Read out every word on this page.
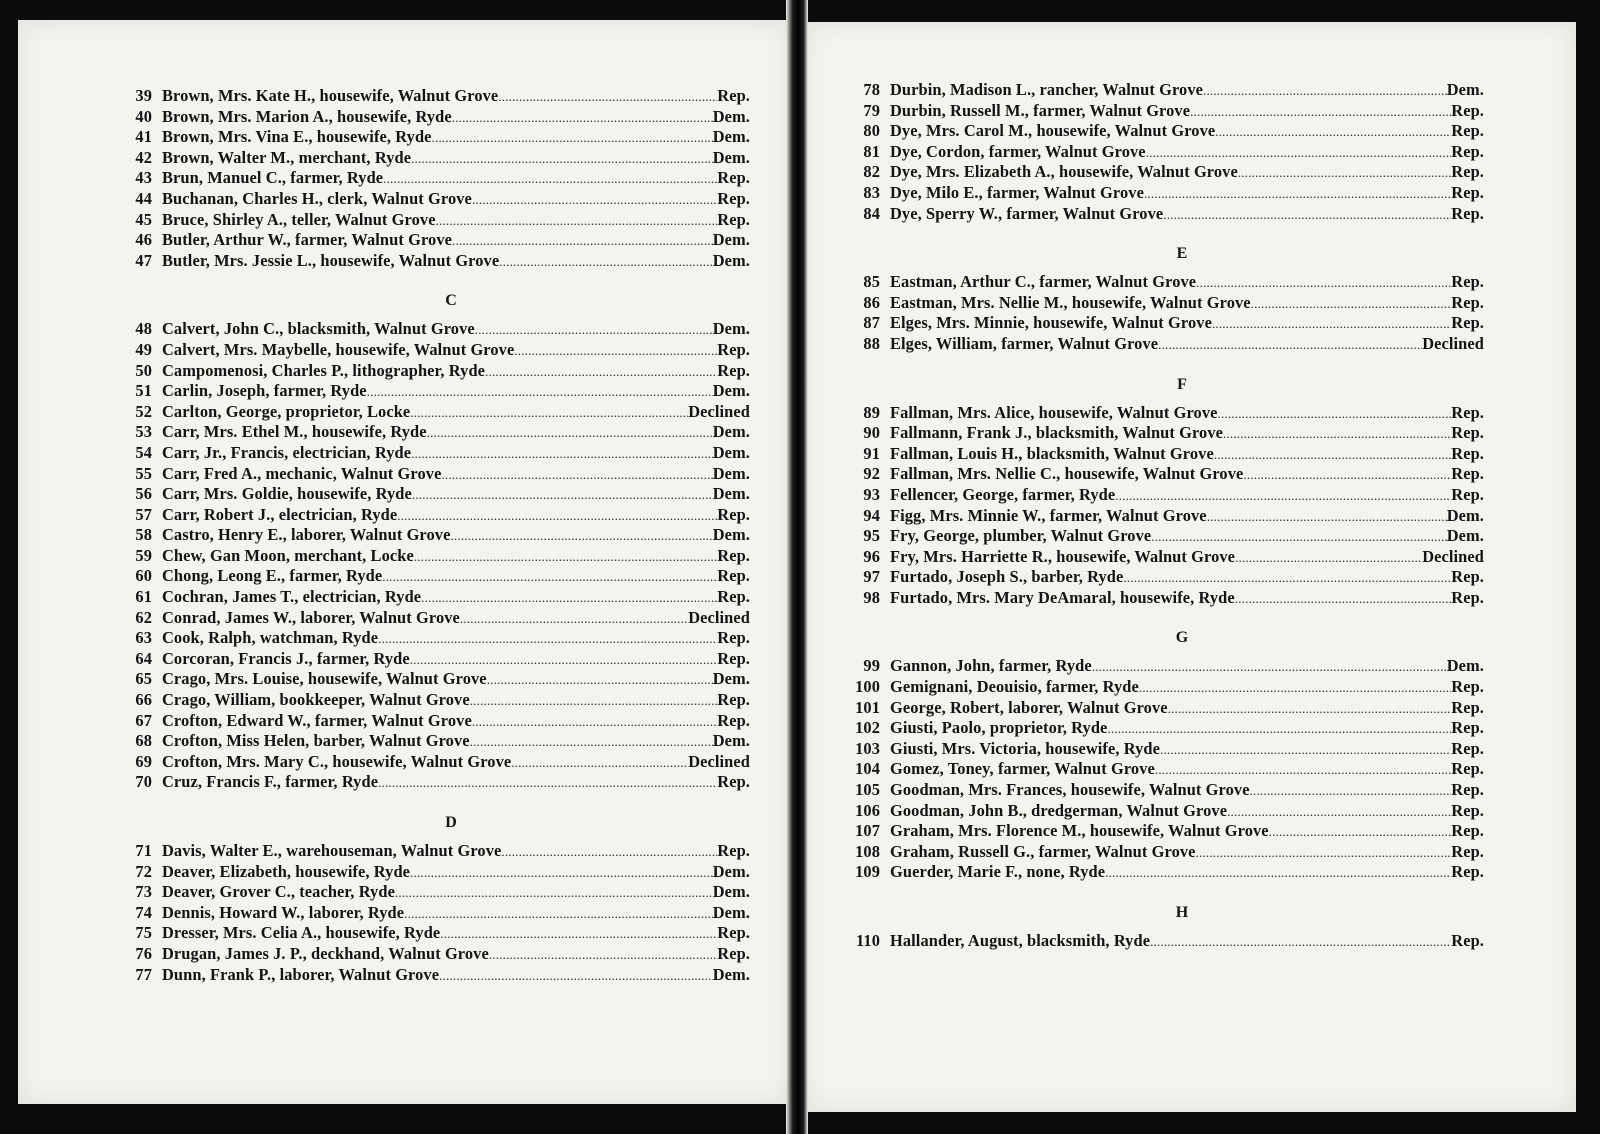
39 Brown, Mrs. Kate H., housewife, Walnut Grove .....	Rep.
40 Brown, Mrs. Marion A., housewife, Ryde .....	Dem.
41 Brown, Mrs. Vina E., housewife, Ryde .....	Dem.
42 Brown, Walter M., merchant, Ryde .....	Dem.
43 Brun, Manuel C., farmer, Ryde .....	Rep.
44 Buchanan, Charles H., clerk, Walnut Grove .....	Rep.
45 Bruce, Shirley A., teller, Walnut Grove .....	Rep.
46 Butler, Arthur W., farmer, Walnut Grove .....	Dem.
47 Butler, Mrs. Jessie L., housewife, Walnut Grove .....	Dem.
C
48 Calvert, John C., blacksmith, Walnut Grove .....	Dem.
49 Calvert, Mrs. Maybelle, housewife, Walnut Grove .....	Rep.
50 Campomenosi, Charles P., lithographer, Ryde .....	Rep.
51 Carlin, Joseph, farmer, Ryde .....	Dem.
52 Carlton, George, proprietor, Locke .....	Declined
53 Carr, Mrs. Ethel M., housewife, Ryde .....	Dem.
54 Carr, Jr., Francis, electrician, Ryde .....	Dem.
55 Carr, Fred A., mechanic, Walnut Grove .....	Dem.
56 Carr, Mrs. Goldie, housewife, Ryde .....	Dem.
57 Carr, Robert J., electrician, Ryde .....	Rep.
58 Castro, Henry E., laborer, Walnut Grove .....	Dem.
59 Chew, Gan Moon, merchant, Locke .....	Rep.
60 Chong, Leong E., farmer, Ryde .....	Rep.
61 Cochran, James T., electrician, Ryde .....	Rep.
62 Conrad, James W., laborer, Walnut Grove .....	Declined
63 Cook, Ralph, watchman, Ryde .....	Rep.
64 Corcoran, Francis J., farmer, Ryde .....	Rep.
65 Crago, Mrs. Louise, housewife, Walnut Grove .....	Dem.
66 Crago, William, bookkeeper, Walnut Grove .....	Rep.
67 Crofton, Edward W., farmer, Walnut Grove .....	Rep.
68 Crofton, Miss Helen, barber, Walnut Grove .....	Dem.
69 Crofton, Mrs. Mary C., housewife, Walnut Grove .....	Declined
70 Cruz, Francis F., farmer, Ryde .....	Rep.
D
71 Davis, Walter E., warehouseman, Walnut Grove .....	Rep.
72 Deaver, Elizabeth, housewife, Ryde .....	Dem.
73 Deaver, Grover C., teacher, Ryde .....	Dem.
74 Dennis, Howard W., laborer, Ryde .....	Dem.
75 Dresser, Mrs. Celia A., housewife, Ryde .....	Rep.
76 Drugan, James J. P., deckhand, Walnut Grove .....	Rep.
77 Dunn, Frank P., laborer, Walnut Grove .....	Dem.
78 Durbin, Madison L., rancher, Walnut Grove .....	Dem.
79 Durbin, Russell M., farmer, Walnut Grove .....	Rep.
80 Dye, Mrs. Carol M., housewife, Walnut Grove .....	Rep.
81 Dye, Cordon, farmer, Walnut Grove .....	Rep.
82 Dye, Mrs. Elizabeth A., housewife, Walnut Grove .....	Rep.
83 Dye, Milo E., farmer, Walnut Grove .....	Rep.
84 Dye, Sperry W., farmer, Walnut Grove .....	Rep.
E
85 Eastman, Arthur C., farmer, Walnut Grove .....	Rep.
86 Eastman, Mrs. Nellie M., housewife, Walnut Grove .....	Rep.
87 Elges, Mrs. Minnie, housewife, Walnut Grove .....	Rep.
88 Elges, William, farmer, Walnut Grove .....	Declined
F
89 Fallman, Mrs. Alice, housewife, Walnut Grove .....	Rep.
90 Fallmann, Frank J., blacksmith, Walnut Grove .....	Rep.
91 Fallman, Louis H., blacksmith, Walnut Grove .....	Rep.
92 Fallman, Mrs. Nellie C., housewife, Walnut Grove .....	Rep.
93 Fellencer, George, farmer, Ryde .....	Rep.
94 Figg, Mrs. Minnie W., farmer, Walnut Grove .....	Dem.
95 Fry, George, plumber, Walnut Grove .....	Dem.
96 Fry, Mrs. Harriette R., housewife, Walnut Grove .....	Declined
97 Furtado, Joseph S., barber, Ryde .....	Rep.
98 Furtado, Mrs. Mary DeAmaral, housewife, Ryde .....	Rep.
G
99 Gannon, John, farmer, Ryde .....	Dem.
100 Gemignani, Deouisio, farmer, Ryde .....	Rep.
101 George, Robert, laborer, Walnut Grove .....	Rep.
102 Giusti, Paolo, proprietor, Ryde .....	Rep.
103 Giusti, Mrs. Victoria, housewife, Ryde .....	Rep.
104 Gomez, Toney, farmer, Walnut Grove .....	Rep.
105 Goodman, Mrs. Frances, housewife, Walnut Grove .....	Rep.
106 Goodman, John B., dredgerman, Walnut Grove .....	Rep.
107 Graham, Mrs. Florence M., housewife, Walnut Grove .....	Rep.
108 Graham, Russell G., farmer, Walnut Grove .....	Rep.
109 Guerder, Marie F., none, Ryde .....	Rep.
H
110 Hallander, August, blacksmith, Ryde .....	Rep.
